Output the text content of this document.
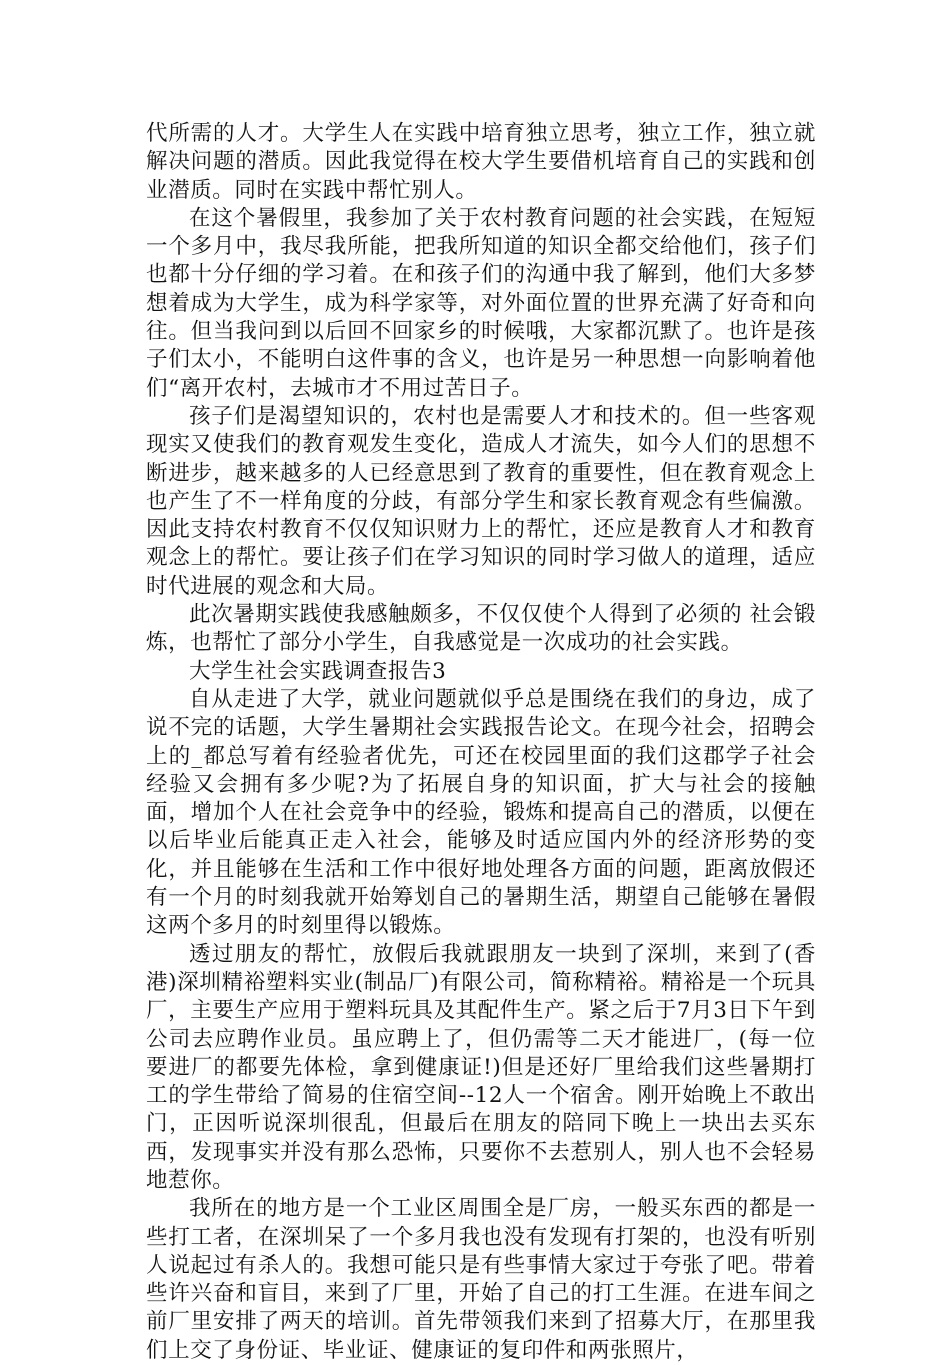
代所需的人才。大学生人在实践中培育独立思考，独立工作，独立就解决问题的潜质。因此我觉得在校大学生要借机培育自己的实践和创业潜质。同时在实践中帮忙别人。

在这个暑假里，我参加了关于农村教育问题的社会实践，在短短一个多月中，我尽我所能，把我所知道的知识全都交给他们，孩子们也都十分仔细的学习着。在和孩子们的沟通中我了解到，他们大多梦想着成为大学生，成为科学家等，对外面位置的世界充满了好奇和向往。但当我问到以后回不回家乡的时候哦，大家都沉默了。也许是孩子们太小，不能明白这件事的含义，也许是另一种思想一向影响着他们“离开农村，去城市才不用过苦日子。

孩子们是渴望知识的，农村也是需要人才和技术的。但一些客观现实又使我们的教育观发生变化，造成人才流失，如今人们的思想不断进步，越来越多的人已经意思到了教育的重要性，但在教育观念上也产生了不一样角度的分歧，有部分学生和家长教育观念有些偏激。因此支持农村教育不仅仅知识财力上的帮忙，还应是教育人才和教育观念上的帮忙。要让孩子们在学习知识的同时学习做人的道理，适应时代进展的观念和大局。

此次暑期实践使我感触颇多，不仅仅使个人得到了必须的 社会锻炼，也帮忙了部分小学生，自我感觉是一次成功的社会实践。

大学生社会实践调查报告3

自从走进了大学，就业问题就似乎总是围绕在我们的身边，成了说不完的话题，大学生暑期社会实践报告论文。在现今社会，招聘会上的_都总写着有经验者优先，可还在校园里面的我们这郡学子社会经验又会拥有多少呢?为了拓展自身的知识面，扩大与社会的接触面，增加个人在社会竞争中的经验，锻炼和提高自己的潜质，以便在以后毕业后能真正走入社会，能够及时适应国内外的经济形势的变化，并且能够在生活和工作中很好地处理各方面的问题，距离放假还有一个月的时刻我就开始筹划自己的暑期生活，期望自己能够在暑假这两个多月的时刻里得以锻炼。

透过朋友的帮忙，放假后我就跟朋友一块到了深圳，来到了(香港)深圳精裕塑料实业(制品厂)有限公司，简称精裕。精裕是一个玩具厂，主要生产应用于塑料玩具及其配件生产。紧之后于7月3日下午到公司去应聘作业员。虽应聘上了，但仍需等二天才能进厂，(每一位要进厂的都要先体检，拿到健康证!)但是还好厂里给我们这些暑期打工的学生带给了简易的住宿空间--12人一个宿舍。刚开始晚上不敢出门，正因听说深圳很乱，但最后在朋友的陪同下晚上一块出去买东西，发现事实并没有那么恐怖，只要你不去惹别人，别人也不会轻易地惹你。

我所在的地方是一个工业区周围全是厂房，一般买东西的都是一些打工者，在深圳呆了一个多月我也没有发现有打架的，也没有听别人说起过有杀人的。我想可能只是有些事情大家过于夸张了吧。带着些许兴奋和盲目，来到了厂里，开始了自己的打工生涯。在进车间之前厂里安排了两天的培训。首先带领我们来到了招募大厅，在那里我们上交了身份证、毕业证、健康证的复印件和两张照片，
